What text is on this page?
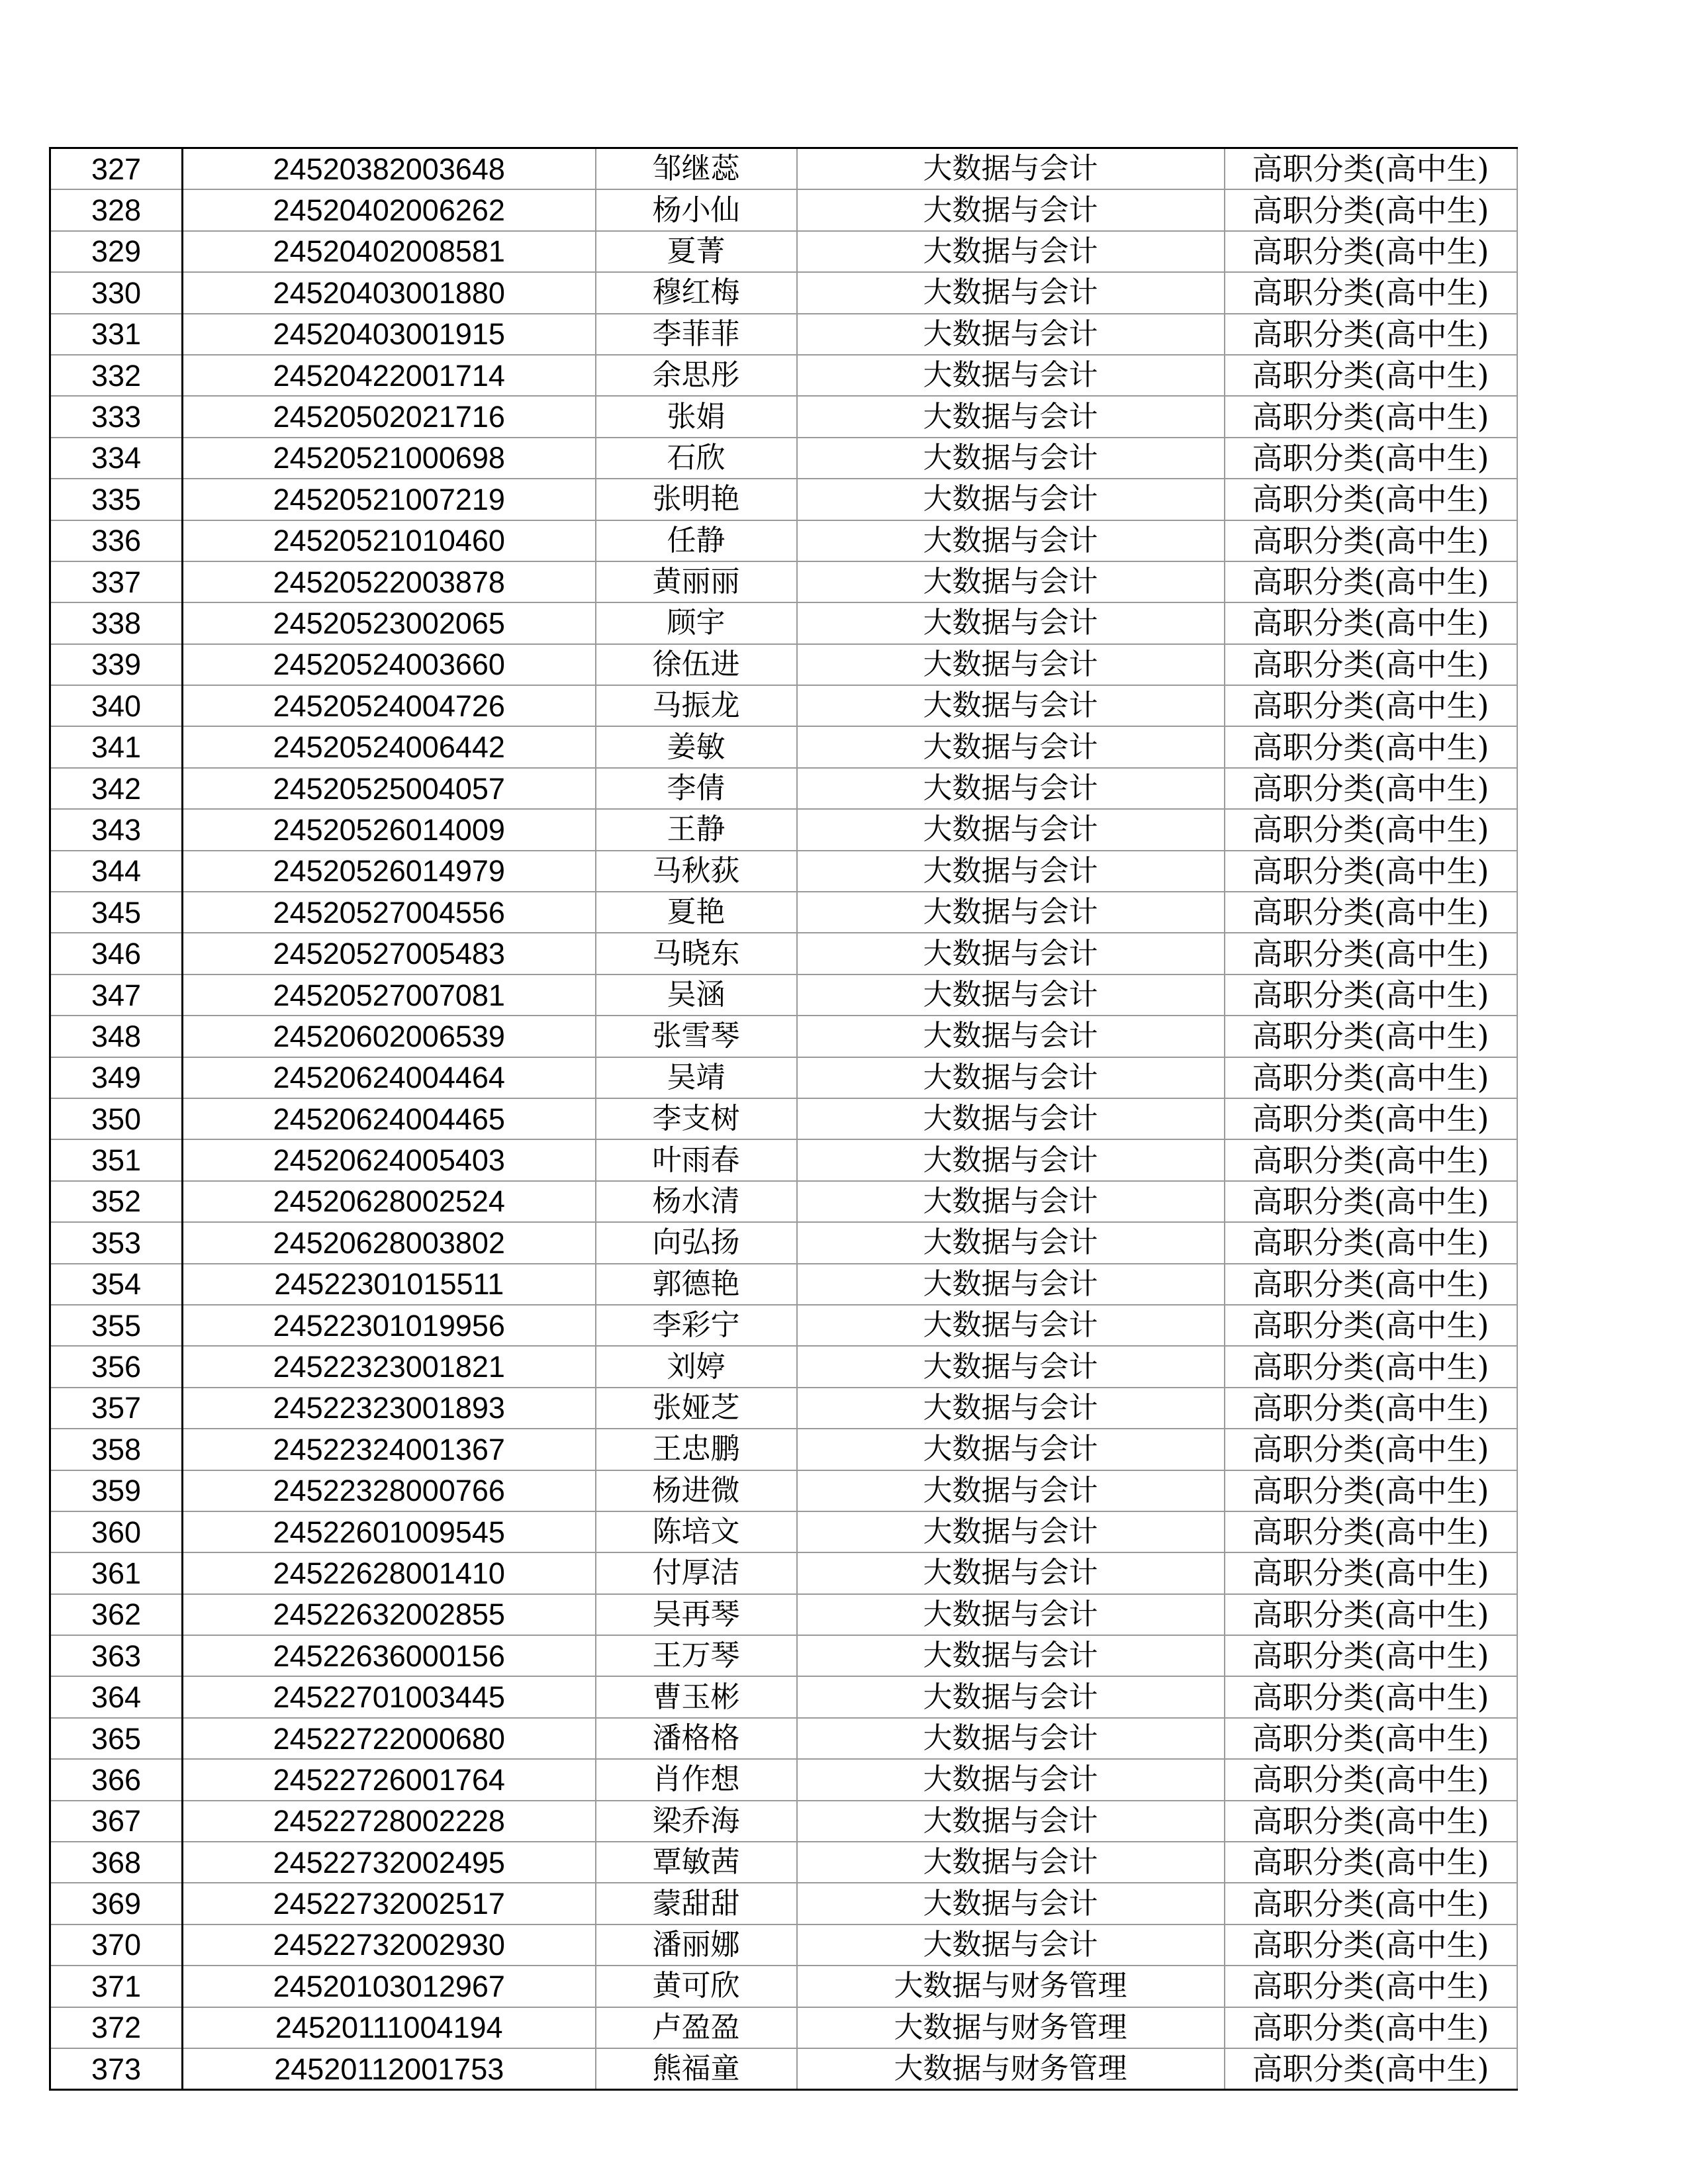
327	24520382003648	邹继蕊	大数据与会计	高职分类(高中生)
328	24520402006262	杨小仙	大数据与会计	高职分类(高中生)
329	24520402008581	夏菁	大数据与会计	高职分类(高中生)
330	24520403001880	穆红梅	大数据与会计	高职分类(高中生)
331	24520403001915	李菲菲	大数据与会计	高职分类(高中生)
332	24520422001714	余思彤	大数据与会计	高职分类(高中生)
333	24520502021716	张娟	大数据与会计	高职分类(高中生)
334	24520521000698	石欣	大数据与会计	高职分类(高中生)
335	24520521007219	张明艳	大数据与会计	高职分类(高中生)
336	24520521010460	任静	大数据与会计	高职分类(高中生)
337	24520522003878	黄丽丽	大数据与会计	高职分类(高中生)
338	24520523002065	顾宇	大数据与会计	高职分类(高中生)
339	24520524003660	徐伍进	大数据与会计	高职分类(高中生)
340	24520524004726	马振龙	大数据与会计	高职分类(高中生)
341	24520524006442	姜敏	大数据与会计	高职分类(高中生)
342	24520525004057	李倩	大数据与会计	高职分类(高中生)
343	24520526014009	王静	大数据与会计	高职分类(高中生)
344	24520526014979	马秋荻	大数据与会计	高职分类(高中生)
345	24520527004556	夏艳	大数据与会计	高职分类(高中生)
346	24520527005483	马晓东	大数据与会计	高职分类(高中生)
347	24520527007081	吴涵	大数据与会计	高职分类(高中生)
348	24520602006539	张雪琴	大数据与会计	高职分类(高中生)
349	24520624004464	吴靖	大数据与会计	高职分类(高中生)
350	24520624004465	李支树	大数据与会计	高职分类(高中生)
351	24520624005403	叶雨春	大数据与会计	高职分类(高中生)
352	24520628002524	杨水清	大数据与会计	高职分类(高中生)
353	24520628003802	向弘扬	大数据与会计	高职分类(高中生)
354	24522301015511	郭德艳	大数据与会计	高职分类(高中生)
355	24522301019956	李彩宁	大数据与会计	高职分类(高中生)
356	24522323001821	刘婷	大数据与会计	高职分类(高中生)
357	24522323001893	张娅芝	大数据与会计	高职分类(高中生)
358	24522324001367	王忠鹏	大数据与会计	高职分类(高中生)
359	24522328000766	杨进微	大数据与会计	高职分类(高中生)
360	24522601009545	陈培文	大数据与会计	高职分类(高中生)
361	24522628001410	付厚洁	大数据与会计	高职分类(高中生)
362	24522632002855	吴再琴	大数据与会计	高职分类(高中生)
363	24522636000156	王万琴	大数据与会计	高职分类(高中生)
364	24522701003445	曹玉彬	大数据与会计	高职分类(高中生)
365	24522722000680	潘格格	大数据与会计	高职分类(高中生)
366	24522726001764	肖作想	大数据与会计	高职分类(高中生)
367	24522728002228	梁乔海	大数据与会计	高职分类(高中生)
368	24522732002495	覃敏茜	大数据与会计	高职分类(高中生)
369	24522732002517	蒙甜甜	大数据与会计	高职分类(高中生)
370	24522732002930	潘丽娜	大数据与会计	高职分类(高中生)
371	24520103012967	黄可欣	大数据与财务管理	高职分类(高中生)
372	24520111004194	卢盈盈	大数据与财务管理	高职分类(高中生)
373	24520112001753	熊福童	大数据与财务管理	高职分类(高中生)
